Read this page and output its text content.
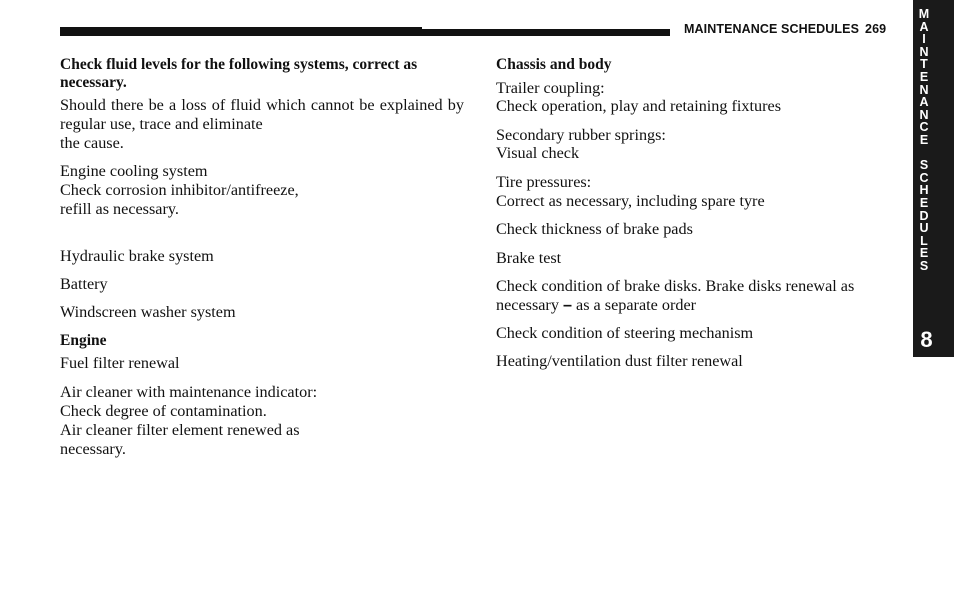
MAINTENANCE SCHEDULES 269
M
A
I
N
T
E
N
A
N
C
E
S
C
H
E
D
U
L
E
S
8

Check fluid levels for the following systems, correct as necessary.

Should there be a loss of fluid which cannot be explained by regular use, trace and eliminate

the cause.

Engine cooling system

Check corrosion inhibitor/antifreeze,

refill as necessary.

Hydraulic brake system

Battery

Windscreen washer system

Engine

Fuel filter renewal

Air cleaner with maintenance indicator:

Check degree of contamination.

Air cleaner filter element renewed as

necessary.

Chassis and body

Trailer coupling:

Check operation, play and retaining fixtures

Secondary rubber springs:

Visual check

Tire pressures:

Correct as necessary, including spare tyre

Check thickness of brake pads

Brake test

Check condition of brake disks. Brake disks renewal as

necessary – as a separate order

Check condition of steering mechanism

Heating/ventilation dust filter renewal
